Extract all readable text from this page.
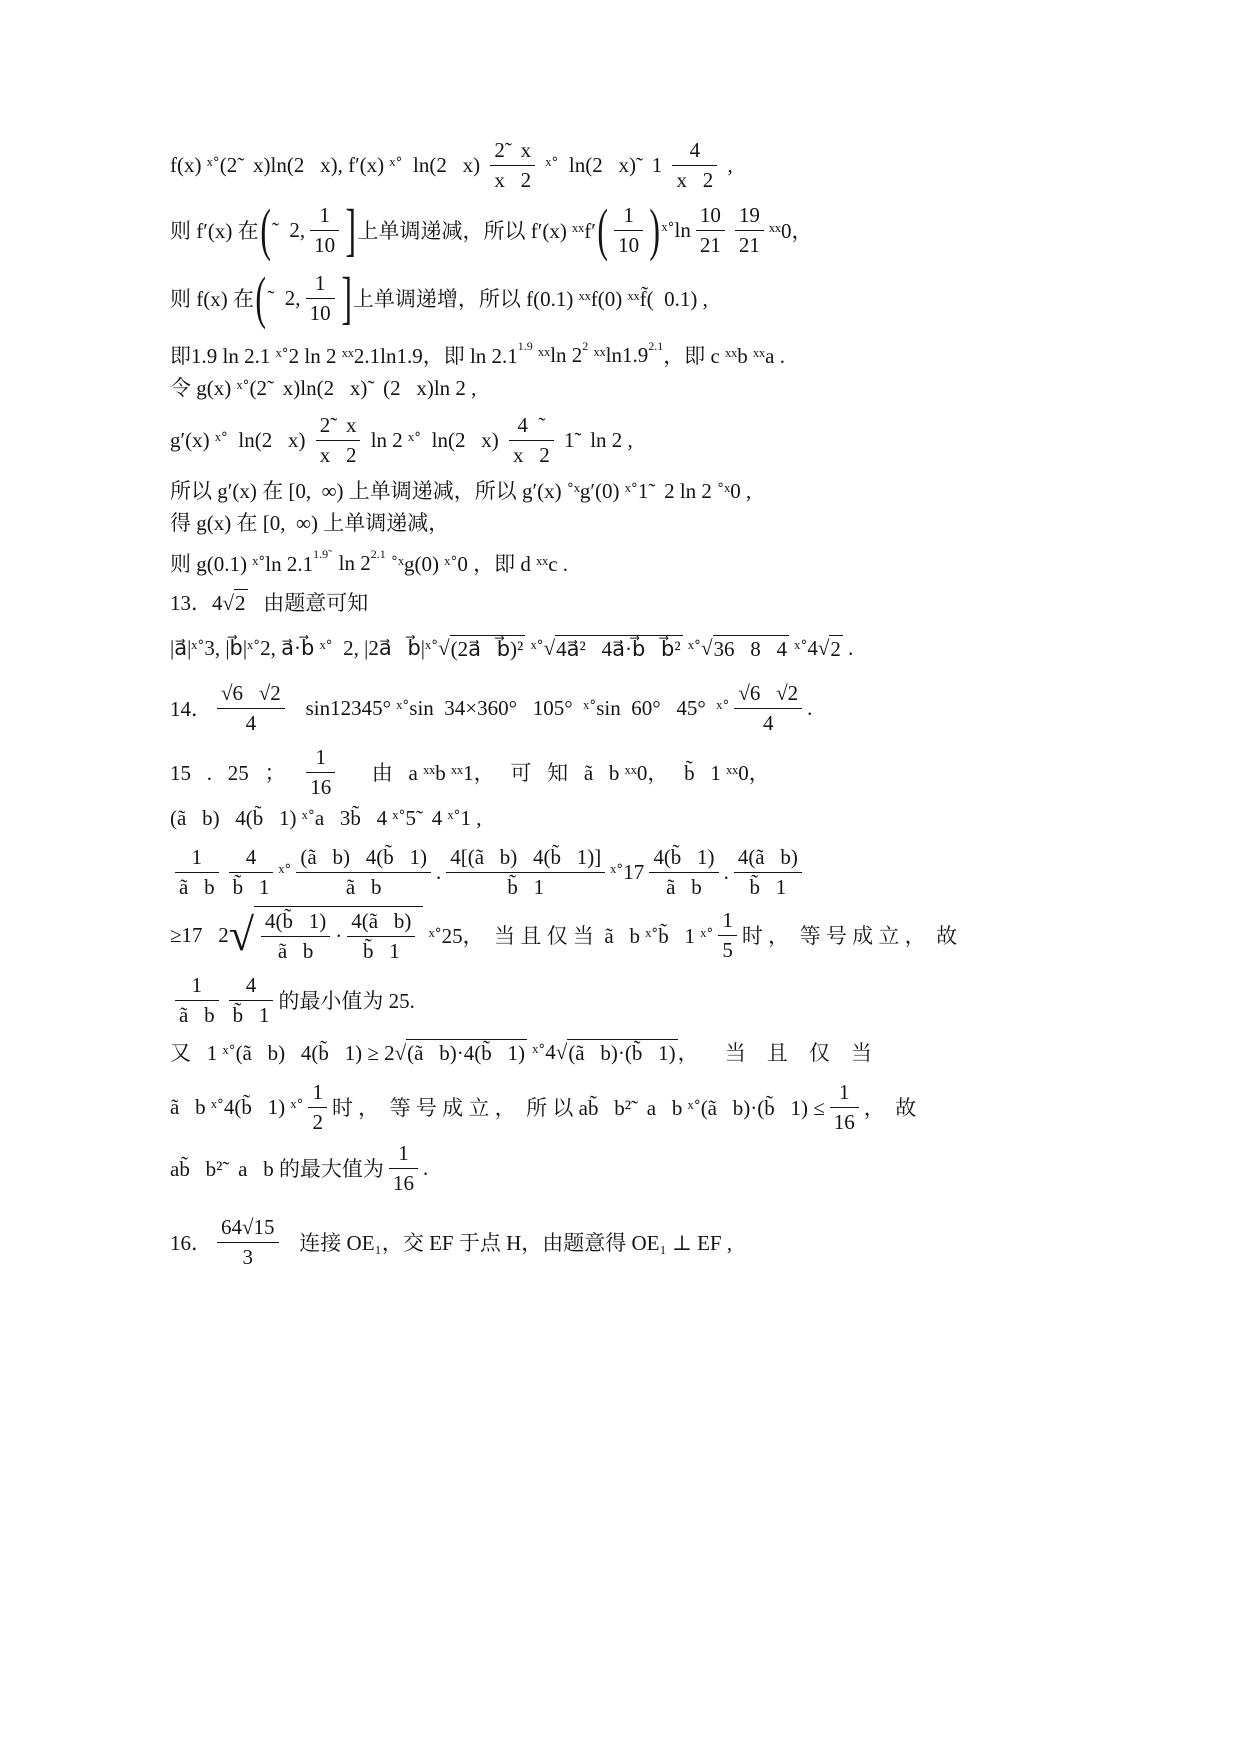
f(x) ˣ˚(2̃   x)ln(2   x), f′(x) ˣ˚  ln(2   $x) \frac{2̃ x}{x 2}$ ˣ˚  ln(2   x)̃   $1 \frac{4}{x 2}$ ,
则 f′(x) 在 ( ˜  2, $\frac{1}{10}$ ] 上单调递减，所以 f′(x) ˣˣf′ ( $\frac{1}{10}$ ) ˣ˚ln $\frac{10}{21} \frac{19}{21}$ ˣˣ0，
则 f(x) 在 ( ˜  2, $\frac{1}{10}$ ] 上单调递增，所以 f(0.1) ˣˣf(0) ˣˣf̃(  0.1) ,
即1.9 ln 2.1 ˣ˚2 ln 2 ˣˣ2.1ln1.9，即 ln 2.1 1.9 ˣˣln 2 2 ˣˣln1.9 2.1 ，即 c ˣˣb ˣˣa .
令 g(x) ˣ˚(2̃   x)ln(2   x)̃   (2   x)ln 2 ,
g′(x) ˣ˚  ln(2   $x) \frac{2̃ x}{x 2}$ ln 2 ˣ˚  ln(2   $x) \frac{4 ˜}{x 2}$ 1̃   ln 2 ,
所以 g′(x) 在 [0,  ∞) 上单调递减，所以 g′(x) ˚ˣg′(0) ˣ˚1̃   2 ln 2 ˚ˣ0 ,
得 g(x) 在 [0,  ∞) 上单调递减，
则 g(0.1) ˣ˚ln 2.1 1.9̃ ln 2 2.1 ˚ˣg(0) ˣ˚0 ，即 d ˣˣc .
13．4√ 2 由题意可知
|a⃗|ˣ˚3, |b⃗|ˣ˚2, a⃗·b⃗ ˣ˚  2, |2a⃗   b⃗|ˣ˚√ (2a⃗   b⃗)² ˣ˚√ 4a⃗²   4a⃗·b⃗   b⃗² ˣ˚√ 36   8   4 ˣ˚4√ 2 .
14． $\frac{√6 √2}{4} \sin 12345^\circ$ ˣ˚sin  34×360°   105°  ˣ˚sin  60°   45°  ˣ˚ $\frac{√6 √2}{4}$ .
15   .   25   ； $\frac{1}{16}$ 由   a ˣˣb ˣˣ1，   可   知   ã   b ˣˣ0，   b̃   1 ˣˣ0，
(ã   b)   4(b̃   1) ˣ˚a   3b̃   4 ˣ˚5̃   4 ˣ˚1 ,
$\frac{1}{\text{ã   b}} \frac{4}{b̃ 1}$ ˣ˚ $\frac{\text{(ã   b)   4(b̃   1)}}{\text{ã   b}}$ . $\frac{\text{4[(ã   b)   4(b̃   1)]}}{b̃ 1}$ ˣ˚17 $\frac{4(b̃ 1)}{\text{ã   b}}$ . $\frac{\text{4(ã   b)}}{b̃ 1}$
≥17   2 √ $\frac{4(b̃ 1)}{\text{ã   b}} \cdot \frac{\text{4(ã   b)}}{b̃ 1}$ ˣ˚25，  当 且 仅 当  ã   b ˣ˚b̃   1 ˣ˚ $\frac{1}{5}$ 时 ，  等 号 成 立 ，  故
$\frac{1}{\text{ã   b}} \frac{4}{b̃ 1}$ 的最小值为 25.
又   1 ˣ˚(ã   b)   4(b̃   1) ≥ 2√ (ã   b)·4(b̃   1) ˣ˚4√ (ã   b)·(b̃   1) ，     当    且    仅    当
ã   b ˣ˚4(b̃   1) ˣ˚ $\frac{1}{2}$ 时 ，  等 号 成 立 ，  所 以 ab̃   b²̃   a   b ˣ˚(ã   b)·(b̃   $1) \le \frac{1}{16}$ ，  故
ab̃   b²̃   a   b 的最大值为 $\frac{1}{16}$ .
16． $\frac{64√15}{3}$ 连接 OE₁，交 EF 于点 H，由题意得 OE₁ ⊥ EF ,
